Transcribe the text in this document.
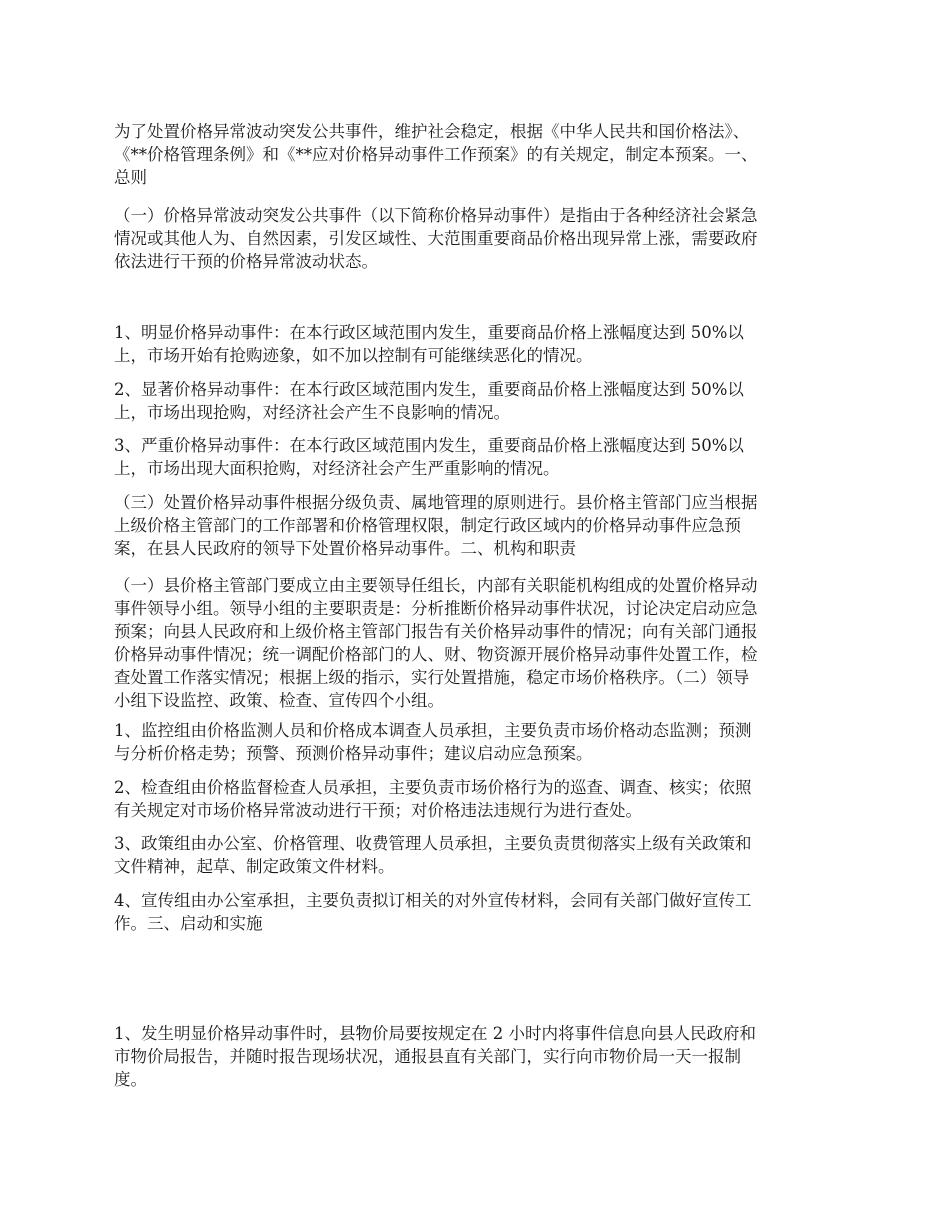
为了处置价格异常波动突发公共事件，维护社会稳定，根据《中华人民共和国价格法》、
《**价格管理条例》和《**应对价格异动事件工作预案》的有关规定，制定本预案。一、
总则
（一）价格异常波动突发公共事件（以下简称价格异动事件）是指由于各种经济社会紧急
情况或其他人为、自然因素，引发区域性、大范围重要商品价格出现异常上涨，需要政府
依法进行干预的价格异常波动状态。
1、明显价格异动事件：在本行政区域范围内发生，重要商品价格上涨幅度达到 50%以
上，市场开始有抢购迹象，如不加以控制有可能继续恶化的情况。
2、显著价格异动事件：在本行政区域范围内发生，重要商品价格上涨幅度达到 50%以
上，市场出现抢购，对经济社会产生不良影响的情况。
3、严重价格异动事件：在本行政区域范围内发生，重要商品价格上涨幅度达到 50%以
上，市场出现大面积抢购，对经济社会产生严重影响的情况。
（三）处置价格异动事件根据分级负责、属地管理的原则进行。县价格主管部门应当根据
上级价格主管部门的工作部署和价格管理权限，制定行政区域内的价格异动事件应急预
案，在县人民政府的领导下处置价格异动事件。二、机构和职责
（一）县价格主管部门要成立由主要领导任组长，内部有关职能机构组成的处置价格异动
事件领导小组。领导小组的主要职责是：分析推断价格异动事件状况，讨论决定启动应急
预案；向县人民政府和上级价格主管部门报告有关价格异动事件的情况；向有关部门通报
价格异动事件情况；统一调配价格部门的人、财、物资源开展价格异动事件处置工作，检
查处置工作落实情况；根据上级的指示，实行处置措施，稳定市场价格秩序。（二）领导
小组下设监控、政策、检查、宣传四个小组。
1、监控组由价格监测人员和价格成本调查人员承担，主要负责市场价格动态监测；预测
与分析价格走势；预警、预测价格异动事件；建议启动应急预案。
2、检查组由价格监督检查人员承担，主要负责市场价格行为的巡查、调查、核实；依照
有关规定对市场价格异常波动进行干预；对价格违法违规行为进行查处。
3、政策组由办公室、价格管理、收费管理人员承担，主要负责贯彻落实上级有关政策和
文件精神，起草、制定政策文件材料。
4、宣传组由办公室承担，主要负责拟订相关的对外宣传材料，会同有关部门做好宣传工
作。三、启动和实施
1、发生明显价格异动事件时，县物价局要按规定在 2 小时内将事件信息向县人民政府和
市物价局报告，并随时报告现场状况，通报县直有关部门，实行向市物价局一天一报制
度。
